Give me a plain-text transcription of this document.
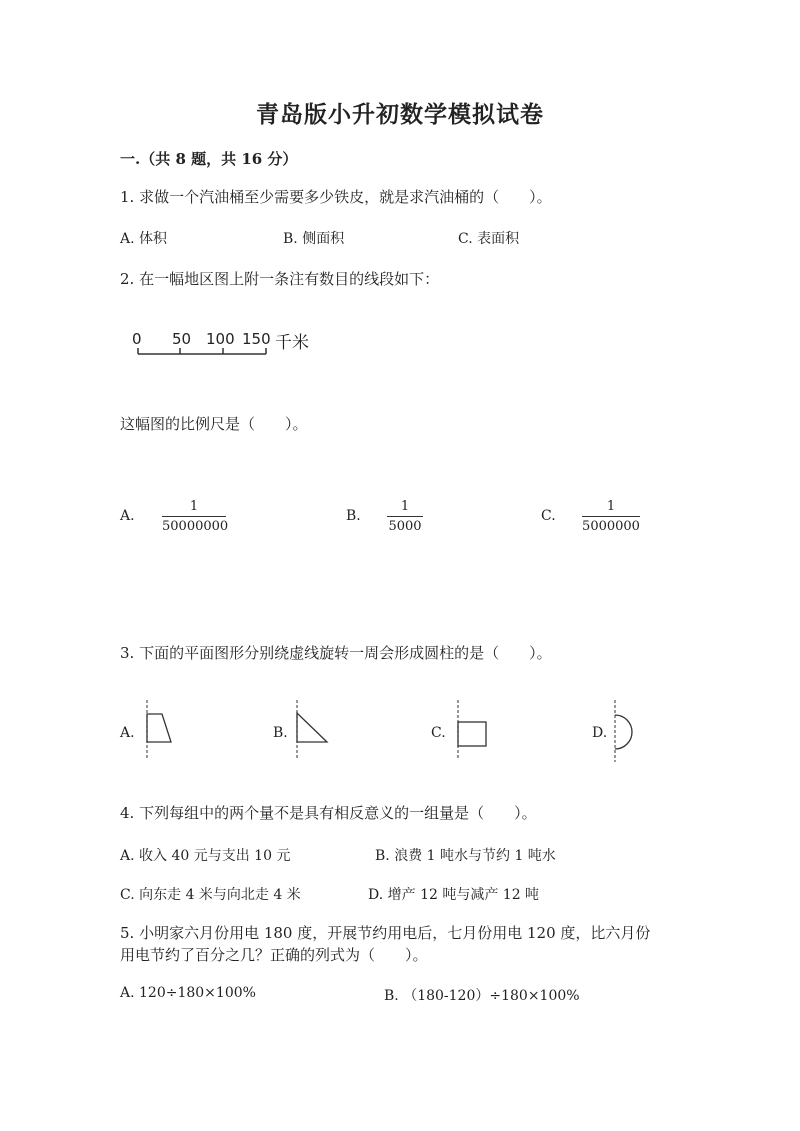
青岛版小升初数学模拟试卷
一.（共 8 题，共 16 分）
1. 求做一个汽油桶至少需要多少铁皮，就是求汽油桶的（　　）。
A. 体积	B. 侧面积	C. 表面积
2. 在一幅地区图上附一条注有数目的线段如下：
0 50 100 150 千米
这幅图的比例尺是（　　）。
A. $\frac{1}{50000000}$	B. $\frac{1}{5000}$	C. $\frac{1}{5000000}$
3. 下面的平面图形分别绕虚线旋转一周会形成圆柱的是（　　）。
A.	B.	C.	D.
4. 下列每组中的两个量不是具有相反意义的一组量是（　　）。
A. 收入 40 元与支出 10 元	B. 浪费 1 吨水与节约 1 吨水
C. 向东走 4 米与向北走 4 米	D. 增产 12 吨与减产 12 吨
5. 小明家六月份用电 180 度，开展节约用电后，七月份用电 120 度，比六月份
用电节约了百分之几？正确的列式为（　　）。
A. 120÷180×100%	B. （180-120）÷180×100%
